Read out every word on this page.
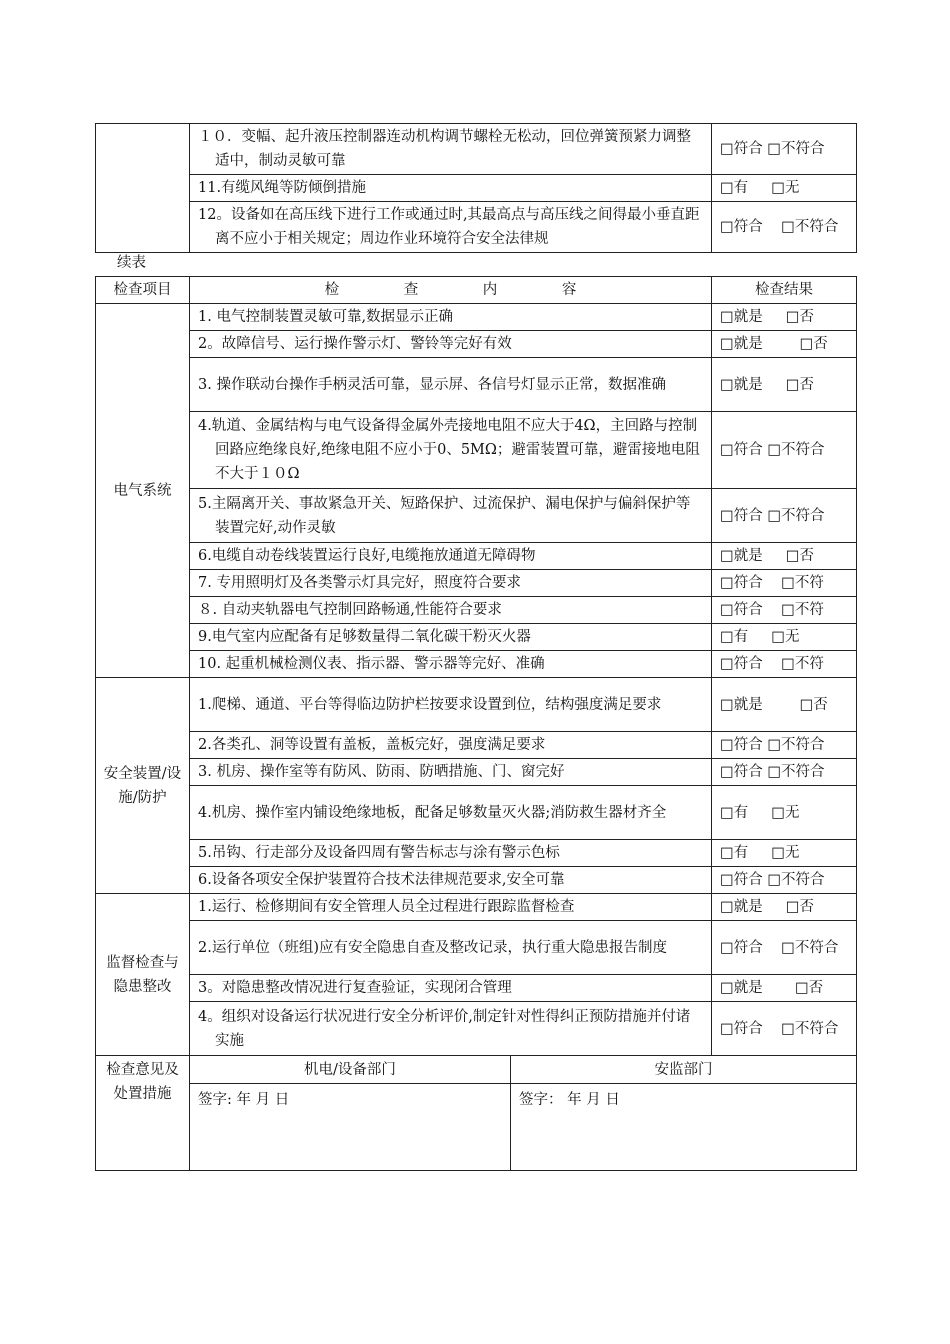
	１０．变幅、起升液压控制器连动机构调节螺栓无松动，回位弹簧预紧力调整适中，制动灵敏可靠	□符合 □不符合
	11.有缆风绳等防倾倒措施	□有     □无
	12。设备如在高压线下进行工作或通过时,其最高点与高压线之间得最小垂直距离不应小于相关规定；周边作业环境符合安全法律规	□符合    □不符合
续表
检查项目	检 查 内 容		检查结果
电气系统	1. 电气控制装置灵敏可靠,数据显示正确		□就是     □否
	2。故障信号、运行操作警示灯、警铃等完好有效		□就是        □否
	3. 操作联动台操作手柄灵活可靠，显示屏、各信号灯显示正常，数据准确		□就是     □否
	4.轨道、金属结构与电气设备得金属外壳接地电阻不应大于4Ω，主回路与控制回路应绝缘良好,绝缘电阻不应小于0、5MΩ；避雷装置可靠，避雷接地电阻不大于１０Ω		□符合 □不符合
	5.主隔离开关、事故紧急开关、短路保护、过流保护、漏电保护与偏斜保护等装置完好,动作灵敏		□符合 □不符合
	6.电缆自动卷线装置运行良好,电缆拖放通道无障碍物		□就是     □否
	7. 专用照明灯及各类警示灯具完好，照度符合要求		□符合    □不符
	８. 自动夹轨器电气控制回路畅通,性能符合要求		□符合    □不符
	9.电气室内应配备有足够数量得二氧化碳干粉灭火器		□有     □无
	10. 起重机械检测仪表、指示器、警示器等完好、准确		□符合    □不符
安全装置/设施/防护	1.爬梯、通道、平台等得临边防护栏按要求设置到位，结构强度满足要求		□就是        □否
	2.各类孔、洞等设置有盖板，盖板完好，强度满足要求		□符合 □不符合
	3. 机房、操作室等有防风、防雨、防晒措施、门、窗完好		□符合 □不符合
	4.机房、操作室内铺设绝缘地板，配备足够数量灭火器;消防救生器材齐全		□有     □无
	5.吊钩、行走部分及设备四周有警告标志与涂有警示色标		□有     □无
	6.设备各项安全保护装置符合技术法律规范要求,安全可靠		□符合 □不符合
监督检查与隐患整改	1.运行、检修期间有安全管理人员全过程进行跟踪监督检查		□就是     □否
	2.运行单位（班组)应有安全隐患自查及整改记录，执行重大隐患报告制度		□符合    □不符合
	3。对隐患整改情况进行复查验证，实现闭合管理		□就是       □否
	4。组织对设备运行状况进行安全分析评价,制定针对性得纠正预防措施并付诸实施		□符合    □不符合
检查意见及处置措施	机电/设备部门	安监部门	
	签字: 年 月 日	签字： 年 月 日	
